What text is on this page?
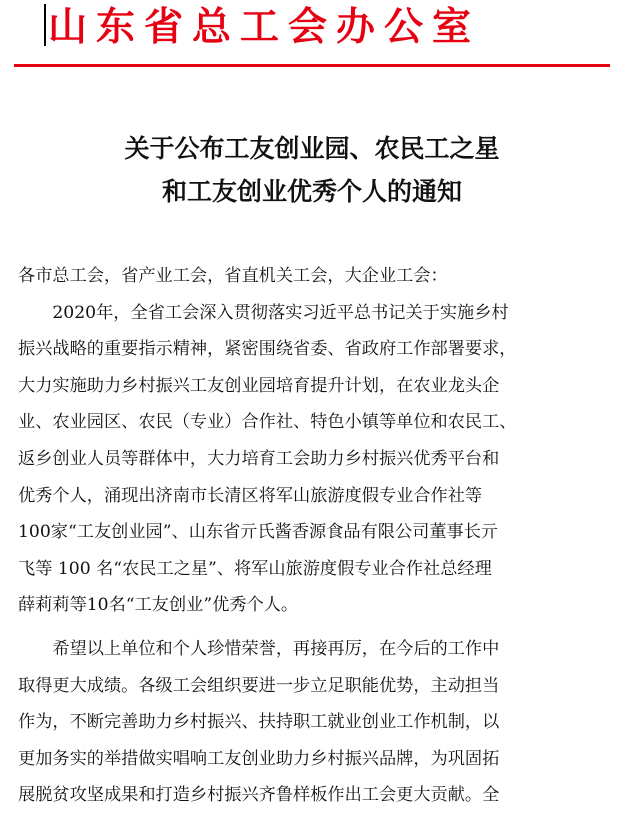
山东省总工会办公室
关于公布工友创业园、农民工之星
和工友创业优秀个人的通知
各市总工会，省产业工会，省直机关工会，大企业工会：
　　2020年，全省工会深入贯彻落实习近平总书记关于实施乡村
振兴战略的重要指示精神，紧密围绕省委、省政府工作部署要求，
大力实施助力乡村振兴工友创业园培育提升计划，在农业龙头企
业、农业园区、农民（专业）合作社、特色小镇等单位和农民工、
返乡创业人员等群体中，大力培育工会助力乡村振兴优秀平台和
优秀个人，涌现出济南市长清区将军山旅游度假专业合作社等
100家“工友创业园”、山东省亓氏酱香源食品有限公司董事长亓
飞等 100 名“农民工之星”、将军山旅游度假专业合作社总经理
薛莉莉等10名“工友创业”优秀个人。
　　希望以上单位和个人珍惜荣誉，再接再厉，在今后的工作中
取得更大成绩。各级工会组织要进一步立足职能优势，主动担当
作为，不断完善助力乡村振兴、扶持职工就业创业工作机制，以
更加务实的举措做实唱响工友创业助力乡村振兴品牌，为巩固拓
展脱贫攻坚成果和打造乡村振兴齐鲁样板作出工会更大贡献。全
